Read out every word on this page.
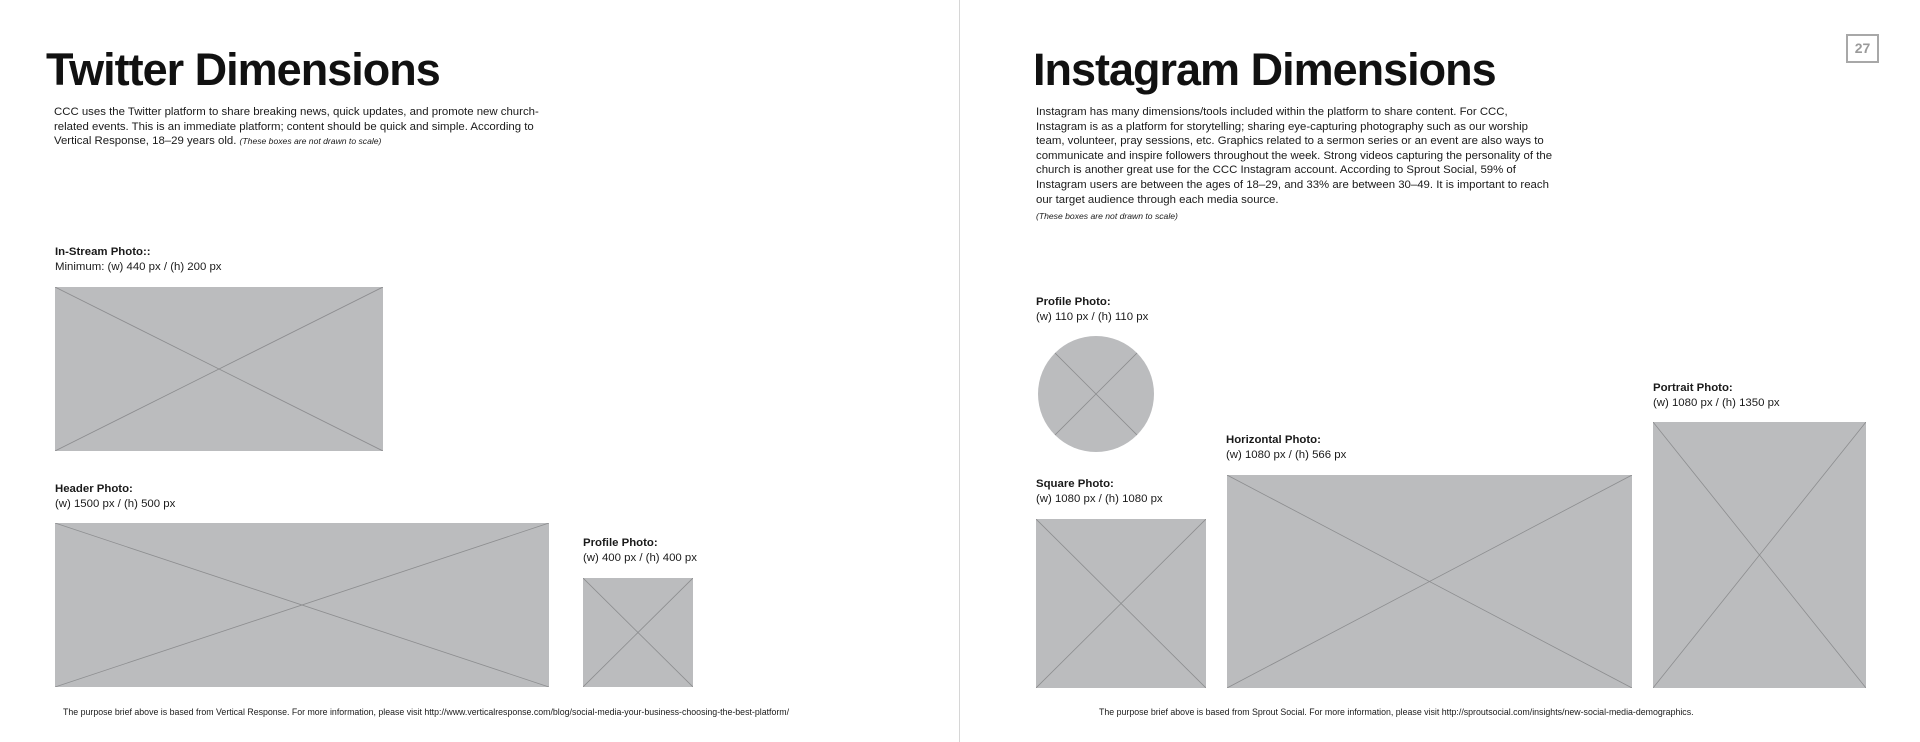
Twitter Dimensions

CCC uses the Twitter platform to share breaking news, quick updates, and promote new church-related events. This is an immediate platform; content should be quick and simple. According to Vertical Response, 18–29 years old. (These boxes are not drawn to scale)

In-Stream Photo::
Minimum: (w) 440 px / (h) 200 px
Header Photo:
(w) 1500 px / (h) 500 px
Profile Photo:
(w) 400 px / (h) 400 px
The purpose brief above is based from Vertical Response. For more information, please visit http://www.verticalresponse.com/blog/social-media-your-business-choosing-the-best-platform/
Instagram Dimensions	27

Instagram has many dimensions/tools included within the platform to share content. For CCC, Instagram is as a platform for storytelling; sharing eye-capturing photography such as our worship team, volunteer, pray sessions, etc. Graphics related to a sermon series or an event are also ways to communicate and inspire followers throughout the week. Strong videos capturing the personality of the church is another great use for the CCC Instagram account. According to Sprout Social, 59% of Instagram users are between the ages of 18–29, and 33% are between 30–49. It is important to reach our target audience through each media source.
(These boxes are not drawn to scale)

Profile Photo:
(w) 110 px / (h) 110 px
Square Photo:
(w) 1080 px / (h) 1080 px
Horizontal Photo:
(w) 1080 px / (h) 566 px
Portrait Photo:
(w) 1080 px / (h) 1350 px
The purpose brief above is based from Sprout Social. For more information, please visit http://sproutsocial.com/insights/new-social-media-demographics.
